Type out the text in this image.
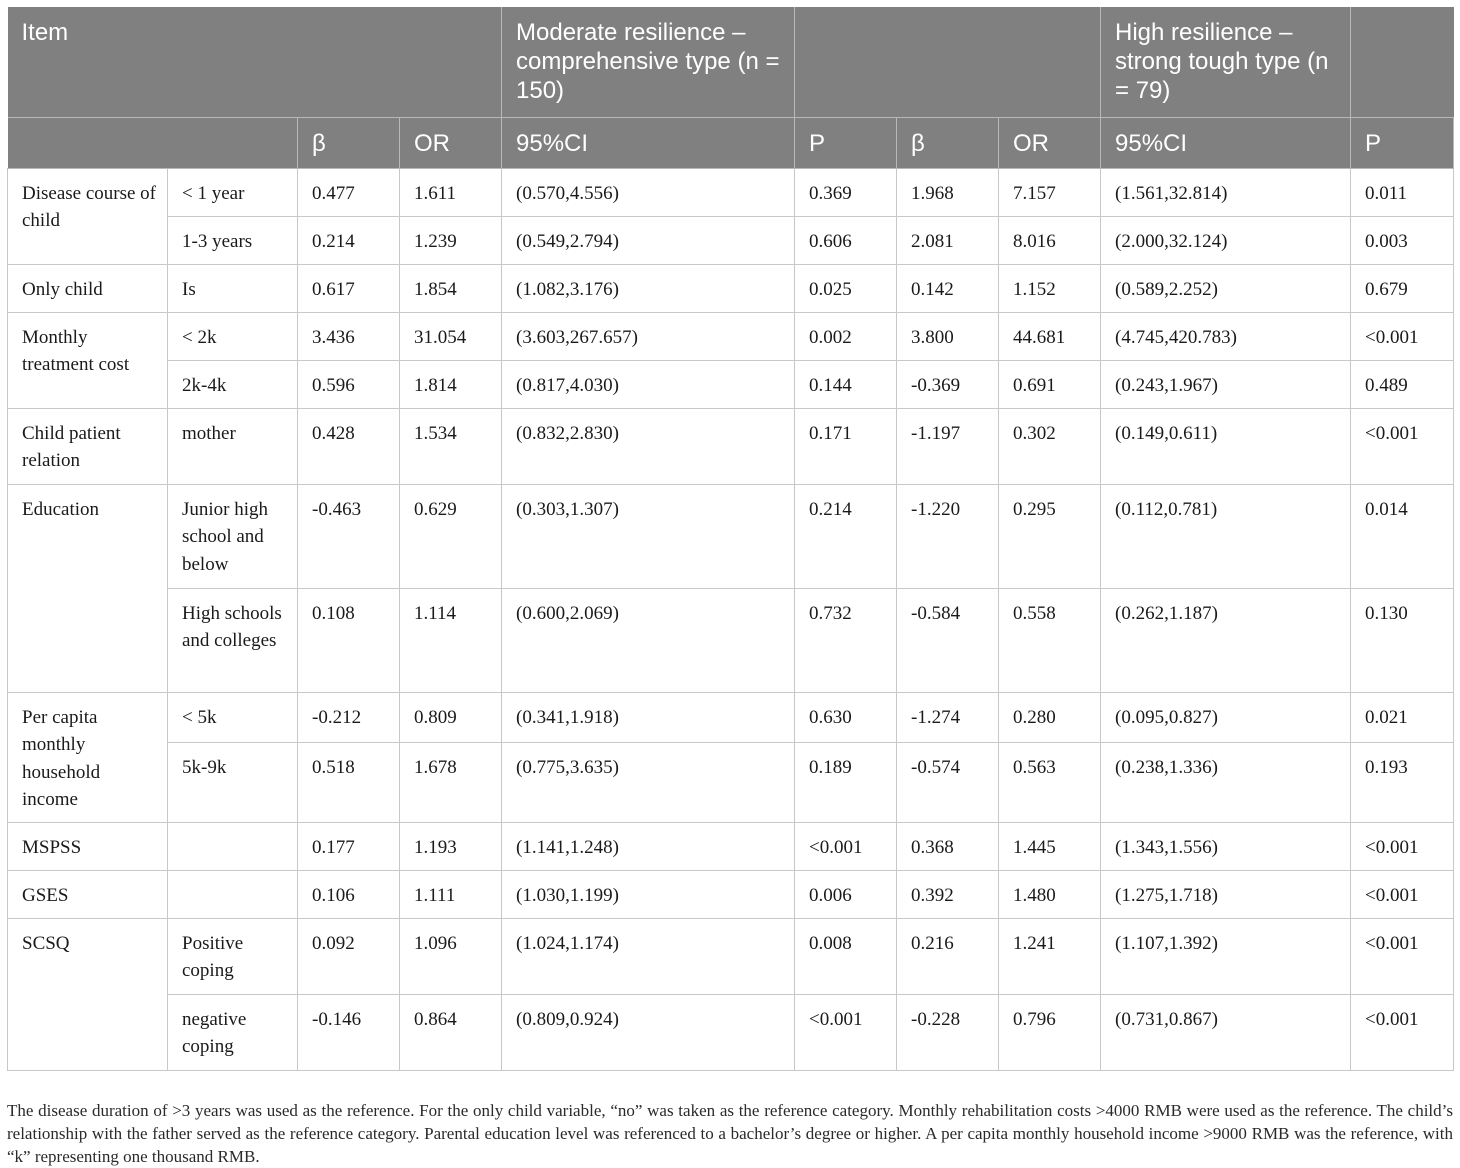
Item				Moderate resilience – comprehensive type (n = 150)				High resilience – strong tough type (n = 79)	
		β	OR	95%CI	P	β	OR	95%CI	P
Disease course of child	< 1 year	0.477	1.611	(0.570,4.556)	0.369	1.968	7.157	(1.561,32.814)	0.011
	1-3 years	0.214	1.239	(0.549,2.794)	0.606	2.081	8.016	(2.000,32.124)	0.003
Only child	Is	0.617	1.854	(1.082,3.176)	0.025	0.142	1.152	(0.589,2.252)	0.679
Monthly treatment cost	< 2k	3.436	31.054	(3.603,267.657)	0.002	3.800	44.681	(4.745,420.783)	<0.001
	2k-4k	0.596	1.814	(0.817,4.030)	0.144	-0.369	0.691	(0.243,1.967)	0.489
Child patient relation	mother	0.428	1.534	(0.832,2.830)	0.171	-1.197	0.302	(0.149,0.611)	<0.001
Education	Junior high school and below	-0.463	0.629	(0.303,1.307)	0.214	-1.220	0.295	(0.112,0.781)	0.014
	High schools and colleges	0.108	1.114	(0.600,2.069)	0.732	-0.584	0.558	(0.262,1.187)	0.130
Per capita monthly household income	< 5k	-0.212	0.809	(0.341,1.918)	0.630	-1.274	0.280	(0.095,0.827)	0.021
	5k-9k	0.518	1.678	(0.775,3.635)	0.189	-0.574	0.563	(0.238,1.336)	0.193
MSPSS		0.177	1.193	(1.141,1.248)	<0.001	0.368	1.445	(1.343,1.556)	<0.001
GSES		0.106	1.111	(1.030,1.199)	0.006	0.392	1.480	(1.275,1.718)	<0.001
SCSQ	Positive coping	0.092	1.096	(1.024,1.174)	0.008	0.216	1.241	(1.107,1.392)	<0.001
	negative coping	-0.146	0.864	(0.809,0.924)	<0.001	-0.228	0.796	(0.731,0.867)	<0.001

The disease duration of >3 years was used as the reference. For the only child variable, “no” was taken as the reference category. Monthly rehabilitation costs >4000 RMB were used as the reference. The child’s relationship with the father served as the reference category. Parental education level was referenced to a bachelor’s degree or higher. A per capita monthly household income >9000 RMB was the reference, with “k” representing one thousand RMB.
